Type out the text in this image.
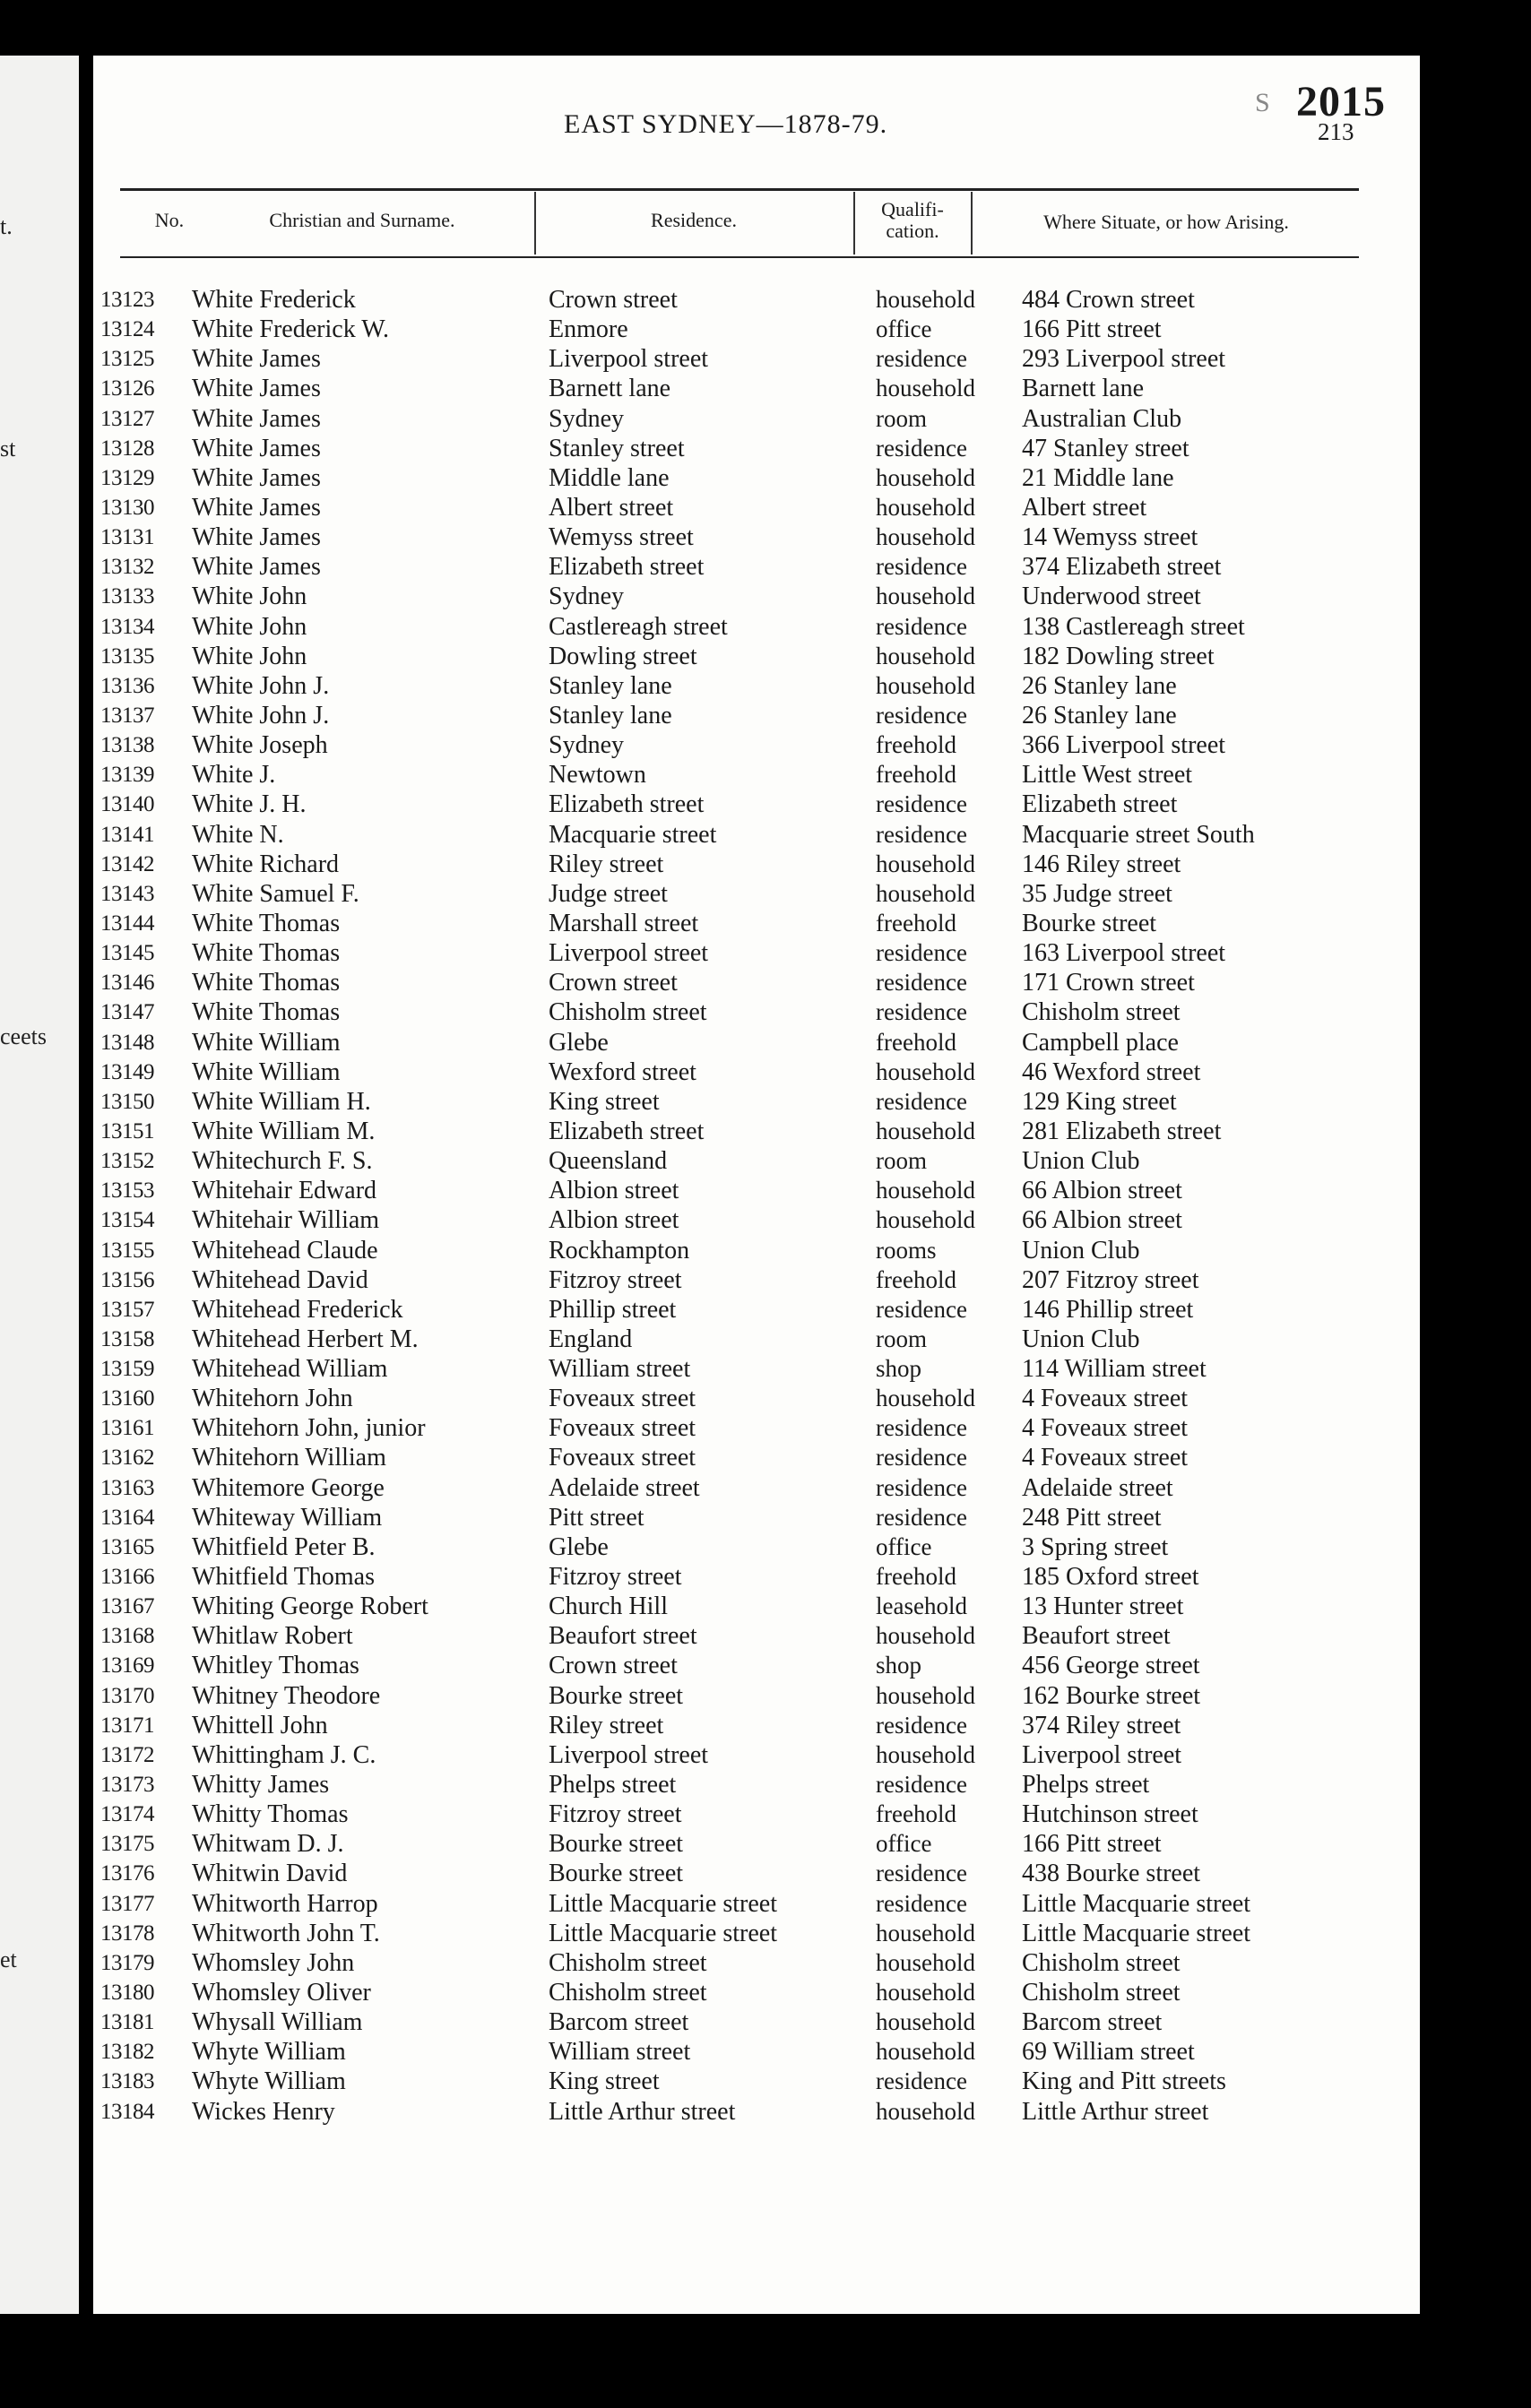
t.
st
ceets
et
EAST SYDNEY—1878-79.
S 2015
213
No.	Christian and Surname.	Residence.	Qualifi-
cation.	Where Situate, or how Arising.
13123 White Frederick	Crown street	household 484 Crown street
13124 White Frederick W.	Enmore	office	166 Pitt street
13125 White James	Liverpool street	residence 293 Liverpool street
13126 White James	Barnett lane	household Barnett lane
13127 White James	Sydney	room	Australian Club
13128 White James	Stanley street	residence 47 Stanley street
13129 White James	Middle lane	household 21 Middle lane
13130 White James	Albert street	household Albert street
13131 White James	Wemyss street	household 14 Wemyss street
13132 White James	Elizabeth street	residence 374 Elizabeth street
13133 White John	Sydney	household Underwood street
13134 White John	Castlereagh street	residence 138 Castlereagh street
13135 White John	Dowling street	household 182 Dowling street
13136 White John J.	Stanley lane	household 26 Stanley lane
13137 White John J.	Stanley lane	residence 26 Stanley lane
13138 White Joseph	Sydney	freehold	366 Liverpool street
13139 White J.	Newtown	freehold	Little West street
13140 White J. H.	Elizabeth street	residence Elizabeth street
13141 White N.	Macquarie street	residence Macquarie street South
13142 White Richard	Riley street	household 146 Riley street
13143 White Samuel F.	Judge street	household 35 Judge street
13144 White Thomas	Marshall street	freehold	Bourke street
13145 White Thomas	Liverpool street	residence 163 Liverpool street
13146 White Thomas	Crown street	residence 171 Crown street
13147 White Thomas	Chisholm street	residence Chisholm street
13148 White William	Glebe	freehold	Campbell place
13149 White William	Wexford street	household 46 Wexford street
13150 White William H.	King street	residence 129 King street
13151 White William M.	Elizabeth street	household 281 Elizabeth street
13152 Whitechurch F. S.	Queensland	room	Union Club
13153 Whitehair Edward	Albion street	household 66 Albion street
13154 Whitehair William	Albion street	household 66 Albion street
13155 Whitehead Claude	Rockhampton	rooms	Union Club
13156 Whitehead David	Fitzroy street	freehold	207 Fitzroy street
13157 Whitehead Frederick	Phillip street	residence 146 Phillip street
13158 Whitehead Herbert M.	England	room	Union Club
13159 Whitehead William	William street	shop	114 William street
13160 Whitehorn John	Foveaux street	household 4 Foveaux street
13161 Whitehorn John, junior	Foveaux street	residence 4 Foveaux street
13162 Whitehorn William	Foveaux street	residence 4 Foveaux street
13163 Whitemore George	Adelaide street	residence Adelaide street
13164 Whiteway William	Pitt street	residence 248 Pitt street
13165 Whitfield Peter B.	Glebe	office	3 Spring street
13166 Whitfield Thomas	Fitzroy street	freehold	185 Oxford street
13167 Whiting George Robert	Church Hill	leasehold 13 Hunter street
13168 Whitlaw Robert	Beaufort street	household Beaufort street
13169 Whitley Thomas	Crown street	shop	456 George street
13170 Whitney Theodore	Bourke street	household 162 Bourke street
13171 Whittell John	Riley street	residence 374 Riley street
13172 Whittingham J. C.	Liverpool street	household Liverpool street
13173 Whitty James	Phelps street	residence Phelps street
13174 Whitty Thomas	Fitzroy street	freehold	Hutchinson street
13175 Whitwam D. J.	Bourke street	office	166 Pitt street
13176 Whitwin David	Bourke street	residence 438 Bourke street
13177 Whitworth Harrop	Little Macquarie street	residence Little Macquarie street
13178 Whitworth John T.	Little Macquarie street	household Little Macquarie street
13179 Whomsley John	Chisholm street	household Chisholm street
13180 Whomsley Oliver	Chisholm street	household Chisholm street
13181 Whysall William	Barcom street	household Barcom street
13182 Whyte William	William street	household 69 William street
13183 Whyte William	King street	residence King and Pitt streets
13184 Wickes Henry	Little Arthur street	household Little Arthur street
